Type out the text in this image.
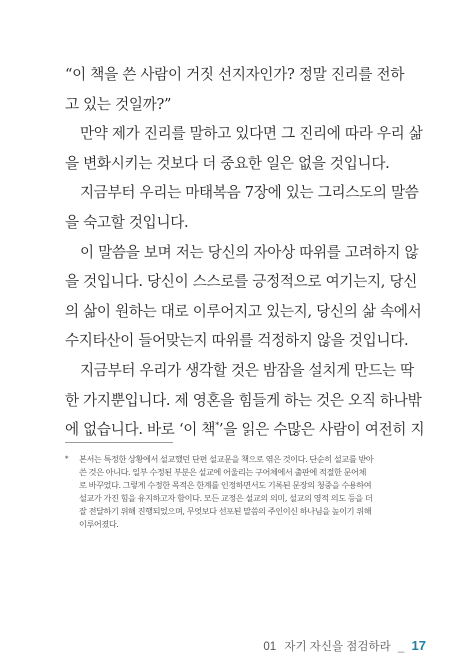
“이 책을 쓴 사람이 거짓 선지자인가? 정말 진리를 전하
고 있는 것일까?”
만약 제가 진리를 말하고 있다면 그 진리에 따라 우리 삶
을 변화시키는 것보다 더 중요한 일은 없을 것입니다.
지금부터 우리는 마태복음 7장에 있는 그리스도의 말씀
을 숙고할 것입니다.
이 말씀을 보며 저는 당신의 자아상 따위를 고려하지 않
을 것입니다. 당신이 스스로를 긍정적으로 여기는지, 당신
의 삶이 원하는 대로 이루어지고 있는지, 당신의 삶 속에서
수지타산이 들어맞는지 따위를 걱정하지 않을 것입니다.
지금부터 우리가 생각할 것은 밤잠을 설치게 만드는 딱
한 가지뿐입니다. 제 영혼을 힘들게 하는 것은 오직 하나밖
에 없습니다. 바로 ‘이 책*’을 읽은 수많은 사람이 여전히 지
*	본서는 특정한 상황에서 설교했던 단편 설교문을 책으로 엮은 것이다. 단순히 설교를 받아
쓴 것은 아니다. 일부 수정된 부분은 설교에 어울리는 구어체에서 출판에 적절한 문어체
로 바꾸었다. 그렇게 수정한 목적은 한계를 인정하면서도 기록된 문장의 청중을 수용하여
설교가 가진 힘을 유지하고자 함이다. 모든 교정은 설교의 의미, 설교의 영적 의도 등을 더
잘 전달하기 위해 진행되었으며, 무엇보다 선포된 말씀의 주인이신 하나님을 높이기 위해
이루어졌다.
01 자기 자신을 점검하라 _ 17
